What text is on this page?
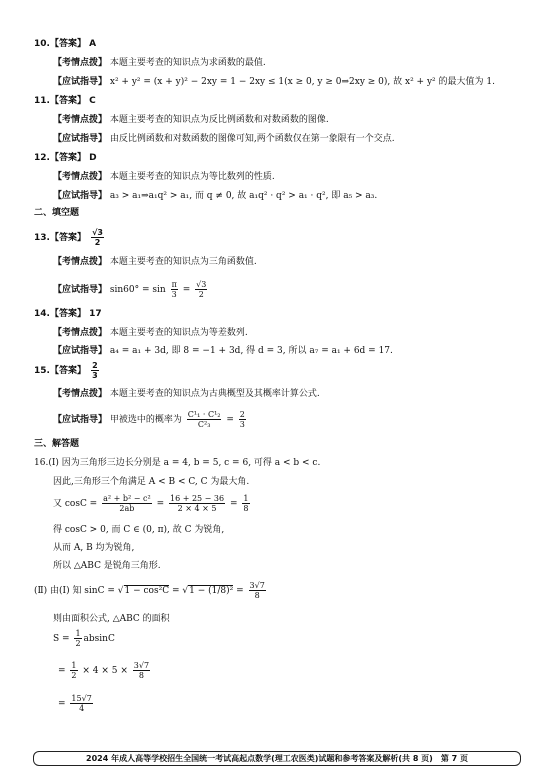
10.【答案】 A
【考情点拨】 本题主要考查的知识点为求函数的最值.
【应试指导】 x² + y² = (x + y)² − 2xy = 1 − 2xy ≤ 1(x ≥ 0, y ≥ 0⇒2xy ≥ 0), 故 x² + y² 的最大值为 1.
11.【答案】 C
【考情点拨】 本题主要考查的知识点为反比例函数和对数函数的图像.
【应试指导】 由反比例函数和对数函数的图像可知,两个函数仅在第一象限有一个交点.
12.【答案】 D
【考情点拨】 本题主要考查的知识点为等比数列的性质.
【应试指导】 a₃ > a₁⇒a₁q² > a₁, 而 q ≠ 0, 故 a₁q² · q² > a₁ · q², 即 a₅ > a₃.
二、填空题
13.【答案】 $\frac{√3}{2}$
【考情点拨】 本题主要考查的知识点为三角函数值.
【应试指导】 $\sin 60^\circ = \sin \frac{\pi}{3} = \frac{√3}{2}$
14.【答案】 17
【考情点拨】 本题主要考查的知识点为等差数列.
【应试指导】 a₄ = a₁ + 3d, 即 8 = −1 + 3d, 得 d = 3, 所以 a₇ = a₁ + 6d = 17.
15.【答案】 $\frac{2}{3}$
【考情点拨】 本题主要考查的知识点为古典概型及其概率计算公式.
【应试指导】 甲被选中的概率为 $\frac{\text{C¹₁ · C¹₂}}{\text{C²₃}} = \frac{2}{3}$
三、解答题
16.(Ⅰ) 因为三角形三边长分别是 a = 4, b = 5, c = 6, 可得 a < b < c.
因此,三角形三个角满足 A < B < C, C 为最大角.
又 $\cos C = \frac{\text{a² + b² − c²}}{2ab} = \frac{16 + 25 - 36}{2 \times 4 \times 5} = \frac{1}{8}$
得 cosC > 0, 而 C ∈ (0, π), 故 C 为锐角,
从而 A, B 均为锐角,
所以 △ABC 是锐角三角形.
(Ⅱ) 由(Ⅰ) 知 $\sin C = √1 - \cos^2C = √1 - (1/8)^2 = \frac{3√7}{8}$
则由面积公式, △ABC 的面积
$S = \frac{1}{2}$ absinC
= $\frac{1}{2} \times 4 \times 5 \times \frac{3√7}{8}$
= $\frac{15√7}{4}$
2024 年成人高等学校招生全国统一考试高起点数学(理工农医类)试题和参考答案及解析(共 8 页)　第 7 页
